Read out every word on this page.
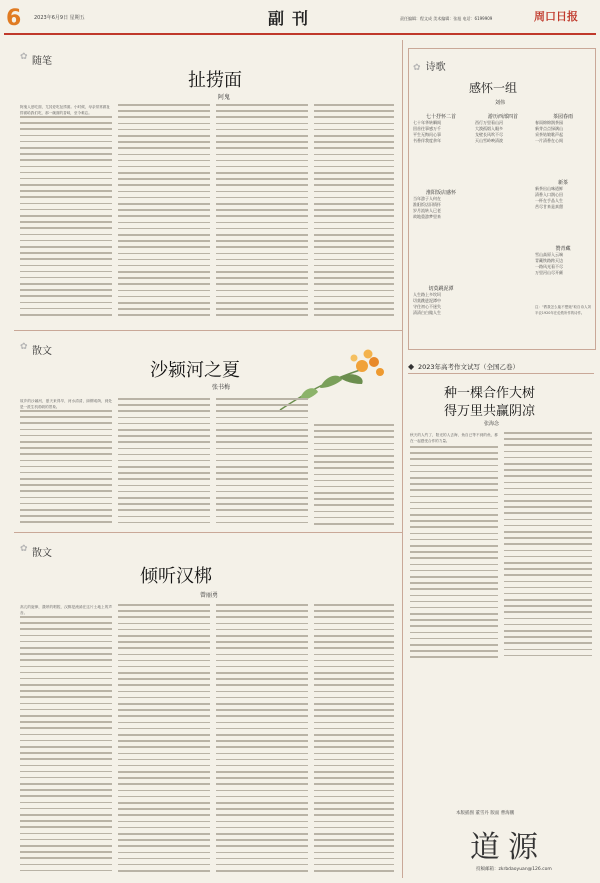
6	2023年6月9日 星期五	副刊	责任编辑：程文成 美术编辑：张旭 电话：6199909	周口日报
✿ 随笔
扯捞面
阿鬼
阿鬼人爱吃面，尤其爱吃扯捞面。小时候，母亲常常做扯捞面给我们吃，那一碗面的香味，至今难忘。
✿ 散文
沙颍河之夏
张书梅
故乡的沙颍河，夏天来得早，河水清清，绿柳成荫，到处是一派生机勃勃的景象。
✿ 散文
倾听汉梆
曾丽勇
高亢的旋律，激昂的唱腔，汉梆是流淌在这片土地上的声音。
✿ 诗歌
感怀一组
刘伟
七十抒怀二首
七十年华转瞬间
回首往事感万千
平生无悔问心事
书香伴我度余年
淮阳饭店感怀
当年游子人何在
淮阳饭店旧情怀
岁月流转人已老
故地重游梦里来
切莫跳泥潭
人生路上多坎坷
切莫跳进泥潭中
守住初心不迷失
清清白白做人生
游历西部四首
西行万里看山河
大漠孤烟入眼多
戈壁长风吹不尽
天山雪岭映清波
茶园春雨
春雨绵绵润茶园
新芽点点绿满山
采茶姑娘歌声起
一片清香在心间
新茶
新茶出山味道鲜
清香入口润心田
一杯在手品人生
苦尽甘来是真甜
赞青藏
雪山高原入云端
青藏铁路跨天边
一路风光看不尽
万里河山尽开颜
注："教我怎么能不想她"取自诗人刘半农1920年在伦敦所作的诗作。
◆ 2023年高考作文试写（全国乙卷）
种一棵合作大树
得万里共赢阴凉
张海念
秋天的人约了，阳光的人去海，鱼自已等不到的鱼，都在一起感受合作的力量。
本版插图 董雪丹 版面 曹海鹏
道源
投稿邮箱：zkrbdaoyuan@126.com
